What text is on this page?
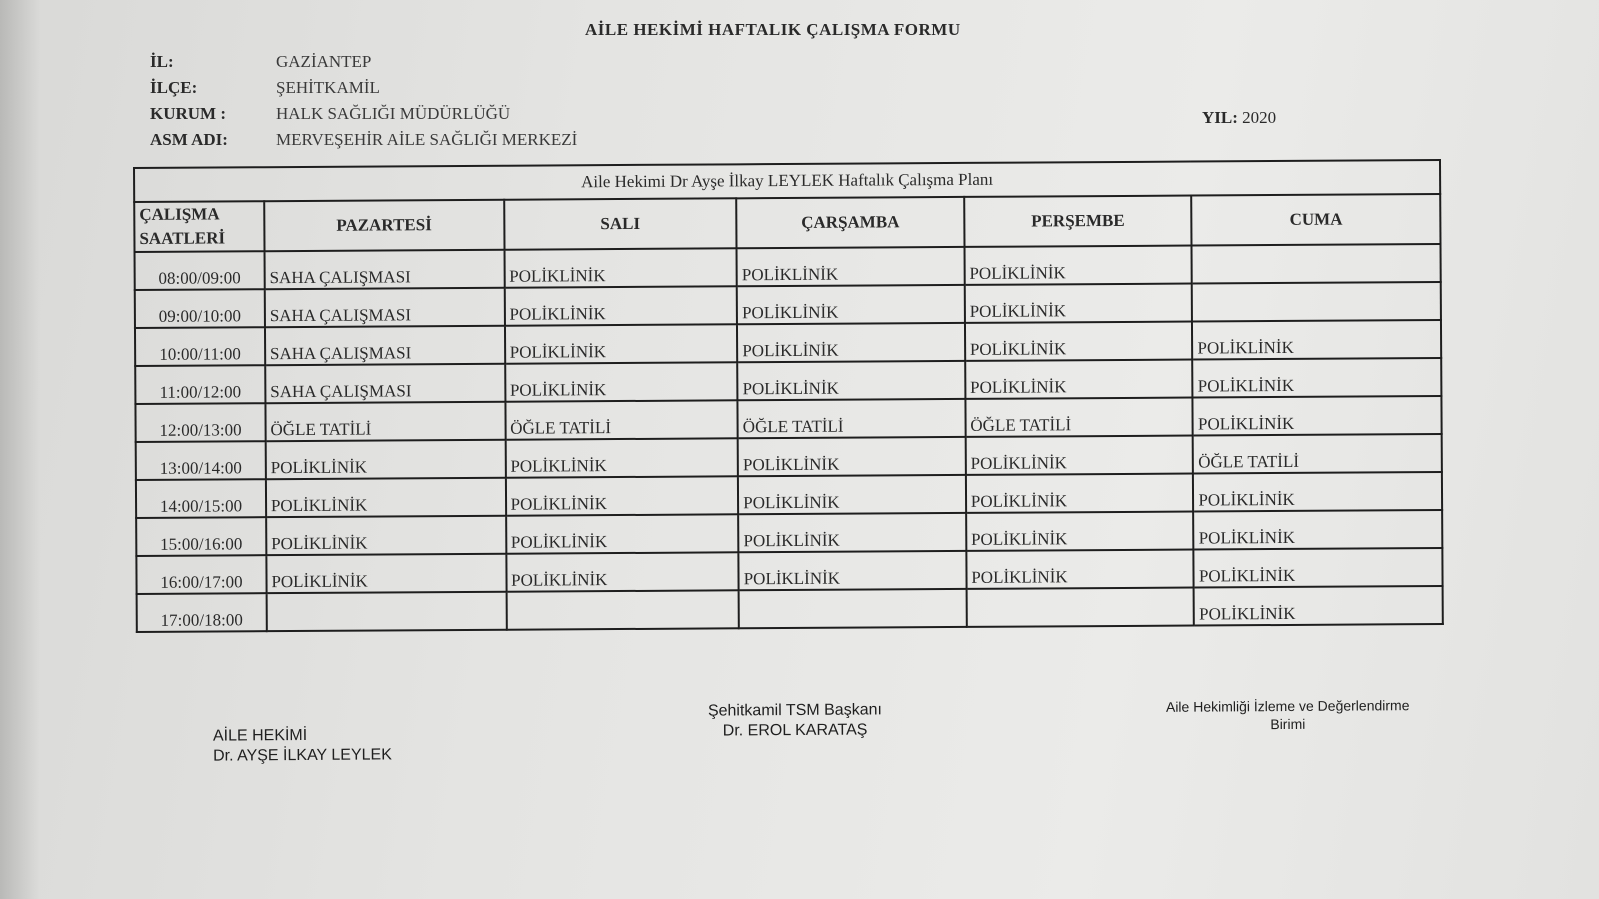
AİLE HEKİMİ HAFTALIK ÇALIŞMA FORMU
İL:	GAZİANTEP
İLÇE:	ŞEHİTKAMİL
KURUM :	HALK SAĞLIĞI MÜDÜRLÜĞÜ
ASM ADI:	MERVEŞEHİR AİLE SAĞLIĞI MERKEZİ
YIL: 2020
Aile Hekimi Dr Ayşe İlkay LEYLEK Haftalık Çalışma Planı					

ÇALIŞMA
SAATLERİ	PAZARTESİ	SALI	ÇARŞAMBA	PERŞEMBE	CUMA
08:00/09:00	SAHA ÇALIŞMASI	POLİKLİNİK	POLİKLİNİK	POLİKLİNİK	
09:00/10:00	SAHA ÇALIŞMASI	POLİKLİNİK	POLİKLİNİK	POLİKLİNİK	
10:00/11:00	SAHA ÇALIŞMASI	POLİKLİNİK	POLİKLİNİK	POLİKLİNİK	POLİKLİNİK
11:00/12:00	SAHA ÇALIŞMASI	POLİKLİNİK	POLİKLİNİK	POLİKLİNİK	POLİKLİNİK
12:00/13:00	ÖĞLE TATİLİ	ÖĞLE TATİLİ	ÖĞLE TATİLİ	ÖĞLE TATİLİ	POLİKLİNİK
13:00/14:00	POLİKLİNİK	POLİKLİNİK	POLİKLİNİK	POLİKLİNİK	ÖĞLE TATİLİ
14:00/15:00	POLİKLİNİK	POLİKLİNİK	POLİKLİNİK	POLİKLİNİK	POLİKLİNİK
15:00/16:00	POLİKLİNİK	POLİKLİNİK	POLİKLİNİK	POLİKLİNİK	POLİKLİNİK
16:00/17:00	POLİKLİNİK	POLİKLİNİK	POLİKLİNİK	POLİKLİNİK	POLİKLİNİK
17:00/18:00					POLİKLİNİK
AİLE HEKİMİ
Dr. AYŞE İLKAY LEYLEK
Şehitkamil TSM Başkanı
Dr. EROL KARATAŞ
Aile Hekimliği İzleme ve Değerlendirme
Birimi
